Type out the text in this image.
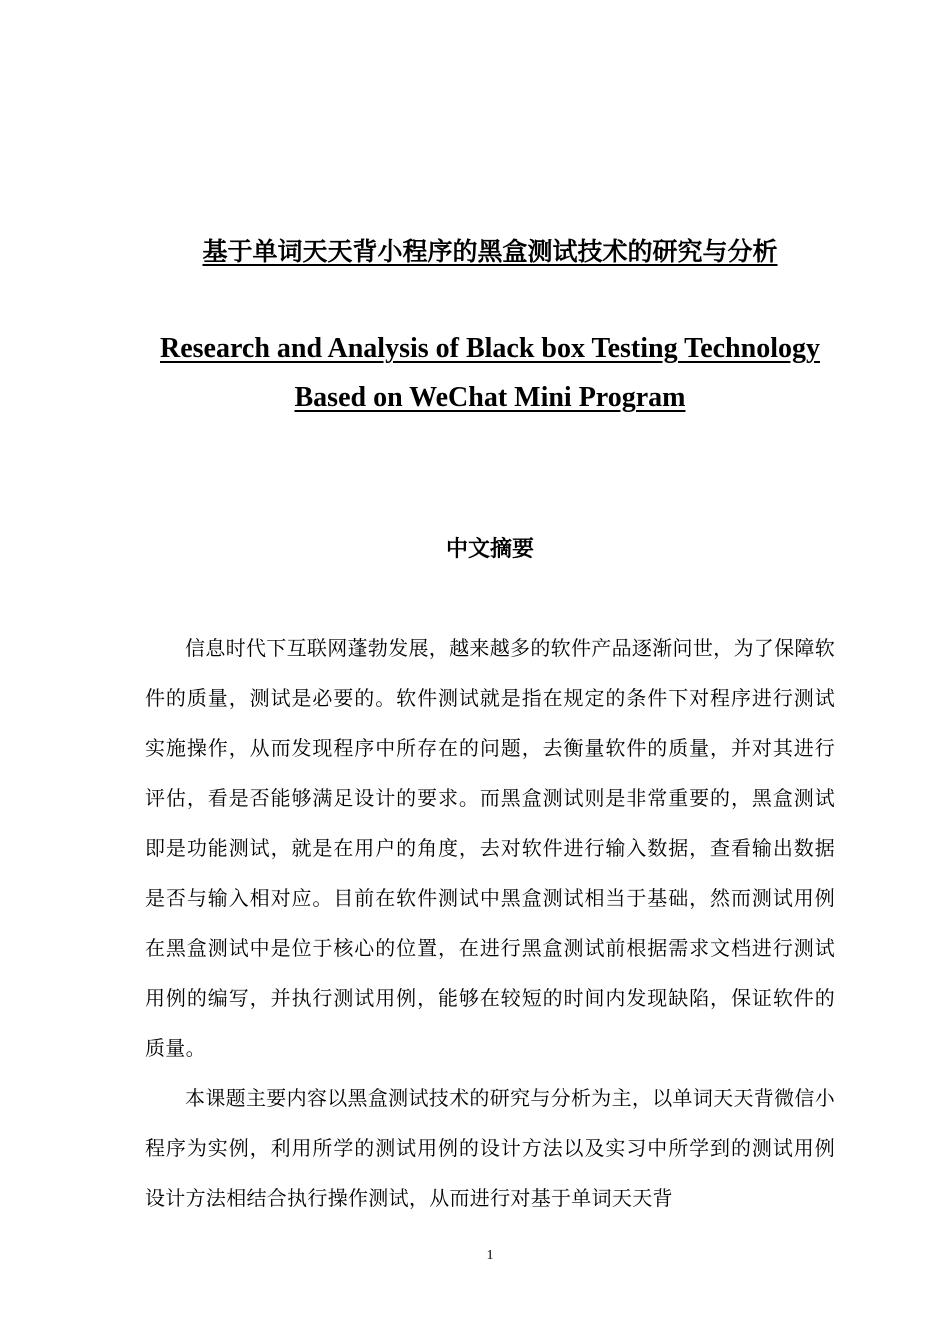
基于单词天天背小程序的黑盒测试技术的研究与分析
Research and Analysis of Black box Testing Technology
Based on WeChat Mini Program
中文摘要

信息时代下互联网蓬勃发展，越来越多的软件产品逐渐问世，为了保障软件的质量，测试是必要的。软件测试就是指在规定的条件下对程序进行测试实施操作，从而发现程序中所存在的问题，去衡量软件的质量，并对其进行评估，看是否能够满足设计的要求。而黑盒测试则是非常重要的，黑盒测试即是功能测试，就是在用户的角度，去对软件进行输入数据，查看输出数据是否与输入相对应。目前在软件测试中黑盒测试相当于基础，然而测试用例在黑盒测试中是位于核心的位置，在进行黑盒测试前根据需求文档进行测试用例的编写，并执行测试用例，能够在较短的时间内发现缺陷，保证软件的质量。

本课题主要内容以黑盒测试技术的研究与分析为主，以单词天天背微信小程序为实例，利用所学的测试用例的设计方法以及实习中所学到的测试用例设计方法相结合执行操作测试，从而进行对基于单词天天背

1
